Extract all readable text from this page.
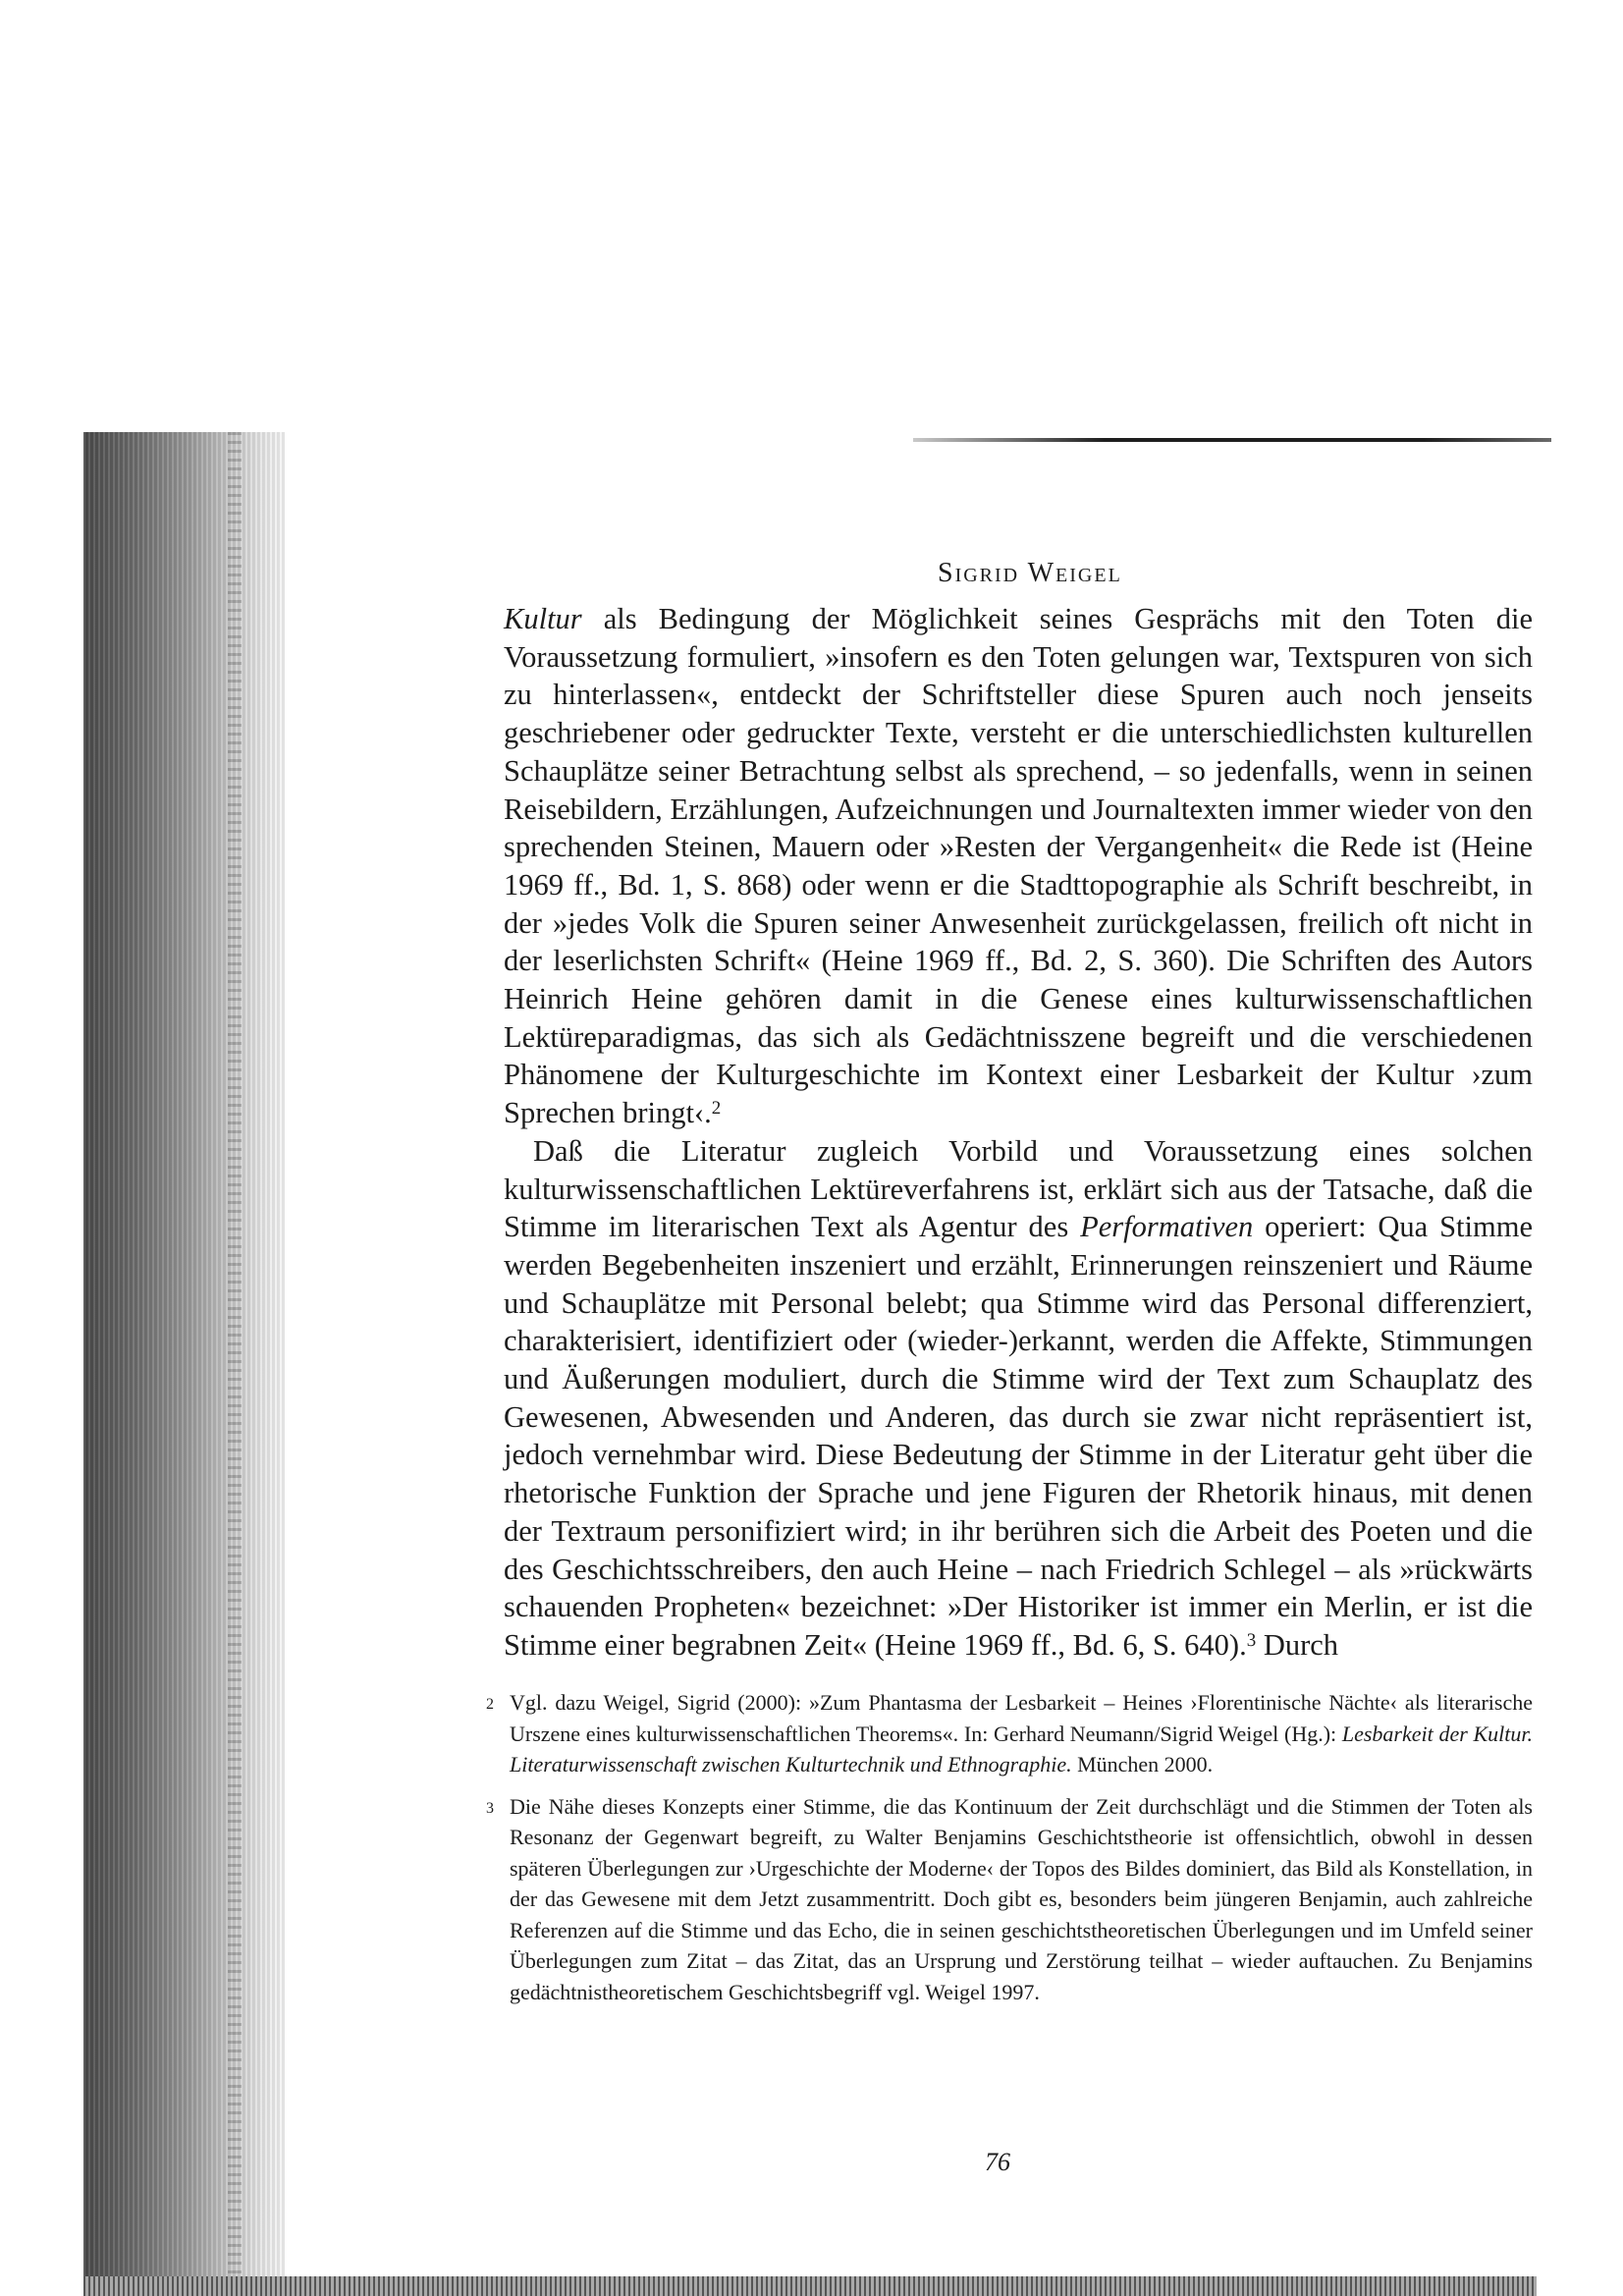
Sigrid Weigel

Kultur als Bedingung der Möglichkeit seines Gesprächs mit den Toten die Voraussetzung formuliert, »insofern es den Toten gelungen war, Textspuren von sich zu hinterlassen«, entdeckt der Schriftsteller diese Spuren auch noch jenseits geschriebener oder gedruckter Texte, versteht er die unterschiedlichsten kulturellen Schauplätze seiner Betrachtung selbst als sprechend, – so jedenfalls, wenn in seinen Reisebildern, Erzählungen, Aufzeichnungen und Journaltexten immer wieder von den sprechenden Steinen, Mauern oder »Resten der Vergangenheit« die Rede ist (Heine 1969 ff., Bd. 1, S. 868) oder wenn er die Stadttopographie als Schrift beschreibt, in der »jedes Volk die Spuren seiner Anwesenheit zurückgelassen, freilich oft nicht in der leserlichsten Schrift« (Heine 1969 ff., Bd. 2, S. 360). Die Schriften des Autors Heinrich Heine gehören damit in die Genese eines kulturwissenschaftlichen Lektüreparadigmas, das sich als Gedächtnisszene begreift und die verschiedenen Phänomene der Kulturgeschichte im Kontext einer Lesbarkeit der Kultur ›zum Sprechen bringt‹.$^2$

Daß die Literatur zugleich Vorbild und Voraussetzung eines solchen kulturwissenschaftlichen Lektüreverfahrens ist, erklärt sich aus der Tatsache, daß die Stimme im literarischen Text als Agentur des Performativen operiert: Qua Stimme werden Begebenheiten inszeniert und erzählt, Erinnerungen reinszeniert und Räume und Schauplätze mit Personal belebt; qua Stimme wird das Personal differenziert, charakterisiert, identifiziert oder (wieder-)erkannt, werden die Affekte, Stimmungen und Äußerungen moduliert, durch die Stimme wird der Text zum Schauplatz des Gewesenen, Abwesenden und Anderen, das durch sie zwar nicht repräsentiert ist, jedoch vernehmbar wird. Diese Bedeutung der Stimme in der Literatur geht über die rhetorische Funktion der Sprache und jene Figuren der Rhetorik hinaus, mit denen der Textraum personifiziert wird; in ihr berühren sich die Arbeit des Poeten und die des Geschichtsschreibers, den auch Heine – nach Friedrich Schlegel – als »rückwärts schauenden Propheten« bezeichnet: »Der Historiker ist immer ein Merlin, er ist die Stimme einer begrabnen Zeit« (Heine 1969 ff., Bd. 6, S. 640).$^3$ Durch

2 Vgl. dazu Weigel, Sigrid (2000): »Zum Phantasma der Lesbarkeit – Heines ›Florentinische Nächte‹ als literarische Urszene eines kulturwissenschaftlichen Theorems«. In: Gerhard Neumann/Sigrid Weigel (Hg.): Lesbarkeit der Kultur. Literaturwissenschaft zwischen Kulturtechnik und Ethnographie. München 2000.
3 Die Nähe dieses Konzepts einer Stimme, die das Kontinuum der Zeit durchschlägt und die Stimmen der Toten als Resonanz der Gegenwart begreift, zu Walter Benjamins Geschichtstheorie ist offensichtlich, obwohl in dessen späteren Überlegungen zur ›Urgeschichte der Moderne‹ der Topos des Bildes dominiert, das Bild als Konstellation, in der das Gewesene mit dem Jetzt zusammentritt. Doch gibt es, besonders beim jüngeren Benjamin, auch zahlreiche Referenzen auf die Stimme und das Echo, die in seinen geschichtstheoretischen Überlegungen und im Umfeld seiner Überlegungen zum Zitat – das Zitat, das an Ursprung und Zerstörung teilhat – wieder auftauchen. Zu Benjamins gedächtnistheoretischem Geschichtsbegriff vgl. Weigel 1997.
76
